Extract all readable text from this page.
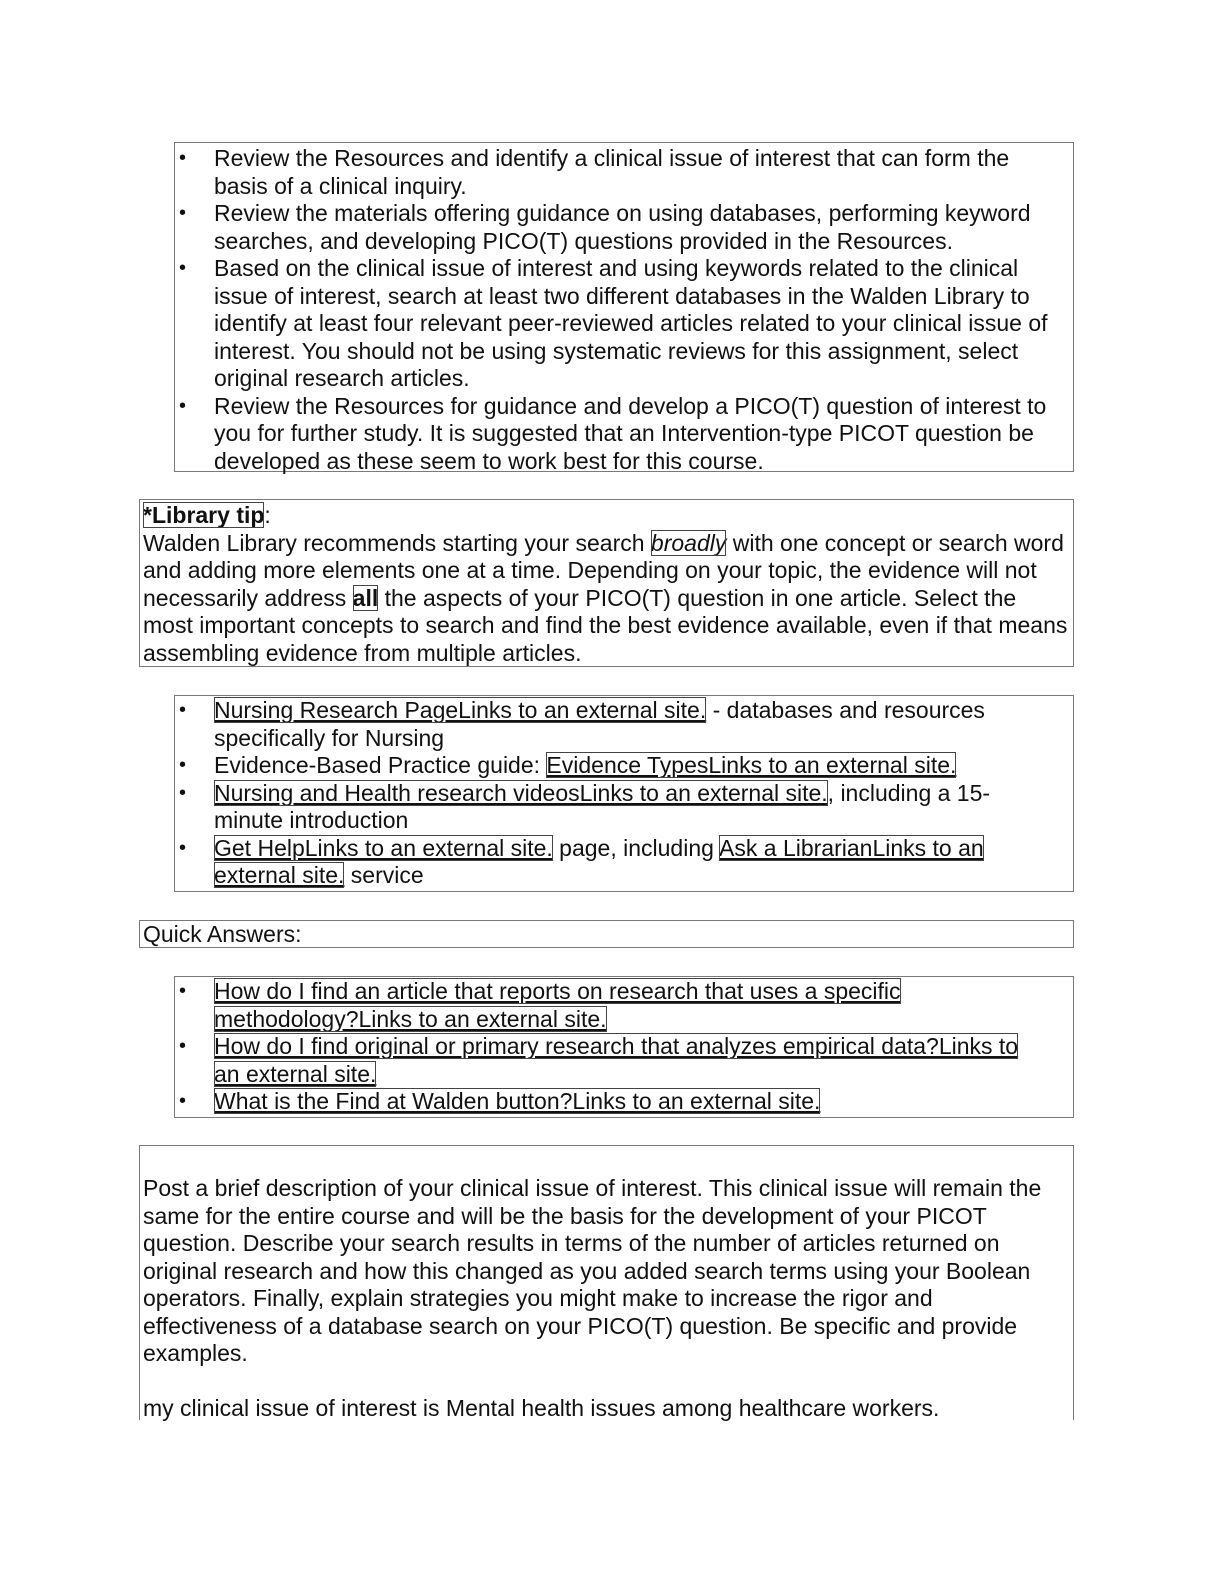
• Review the Resources and identify a clinical issue of interest that can form the basis of a clinical inquiry.
• Review the materials offering guidance on using databases, performing keyword searches, and developing PICO(T) questions provided in the Resources.
• Based on the clinical issue of interest and using keywords related to the clinical issue of interest, search at least two different databases in the Walden Library to identify at least four relevant peer-reviewed articles related to your clinical issue of interest. You should not be using systematic reviews for this assignment, select original research articles.
• Review the Resources for guidance and develop a PICO(T) question of interest to you for further study. It is suggested that an Intervention-type PICOT question be developed as these seem to work best for this course.

*Library tip:

Walden Library recommends starting your search broadly with one concept or search word and adding more elements one at a time. Depending on your topic, the evidence will not necessarily address all the aspects of your PICO(T) question in one article. Select the most important concepts to search and find the best evidence available, even if that means assembling evidence from multiple articles.

• Nursing Research PageLinks to an external site. - databases and resources specifically for Nursing
• Evidence-Based Practice guide: Evidence TypesLinks to an external site.
• Nursing and Health research videosLinks to an external site., including a 15-minute introduction
• Get HelpLinks to an external site. page, including Ask a LibrarianLinks to an external site. service

Quick Answers:

• How do I find an article that reports on research that uses a specific methodology?Links to an external site.
• How do I find original or primary research that analyzes empirical data?Links to an external site.
• What is the Find at Walden button?Links to an external site.

Post a brief description of your clinical issue of interest. This clinical issue will remain the same for the entire course and will be the basis for the development of your PICOT question. Describe your search results in terms of the number of articles returned on original research and how this changed as you added search terms using your Boolean operators. Finally, explain strategies you might make to increase the rigor and effectiveness of a database search on your PICO(T) question. Be specific and provide examples.

my clinical issue of interest is Mental health issues among healthcare workers.
